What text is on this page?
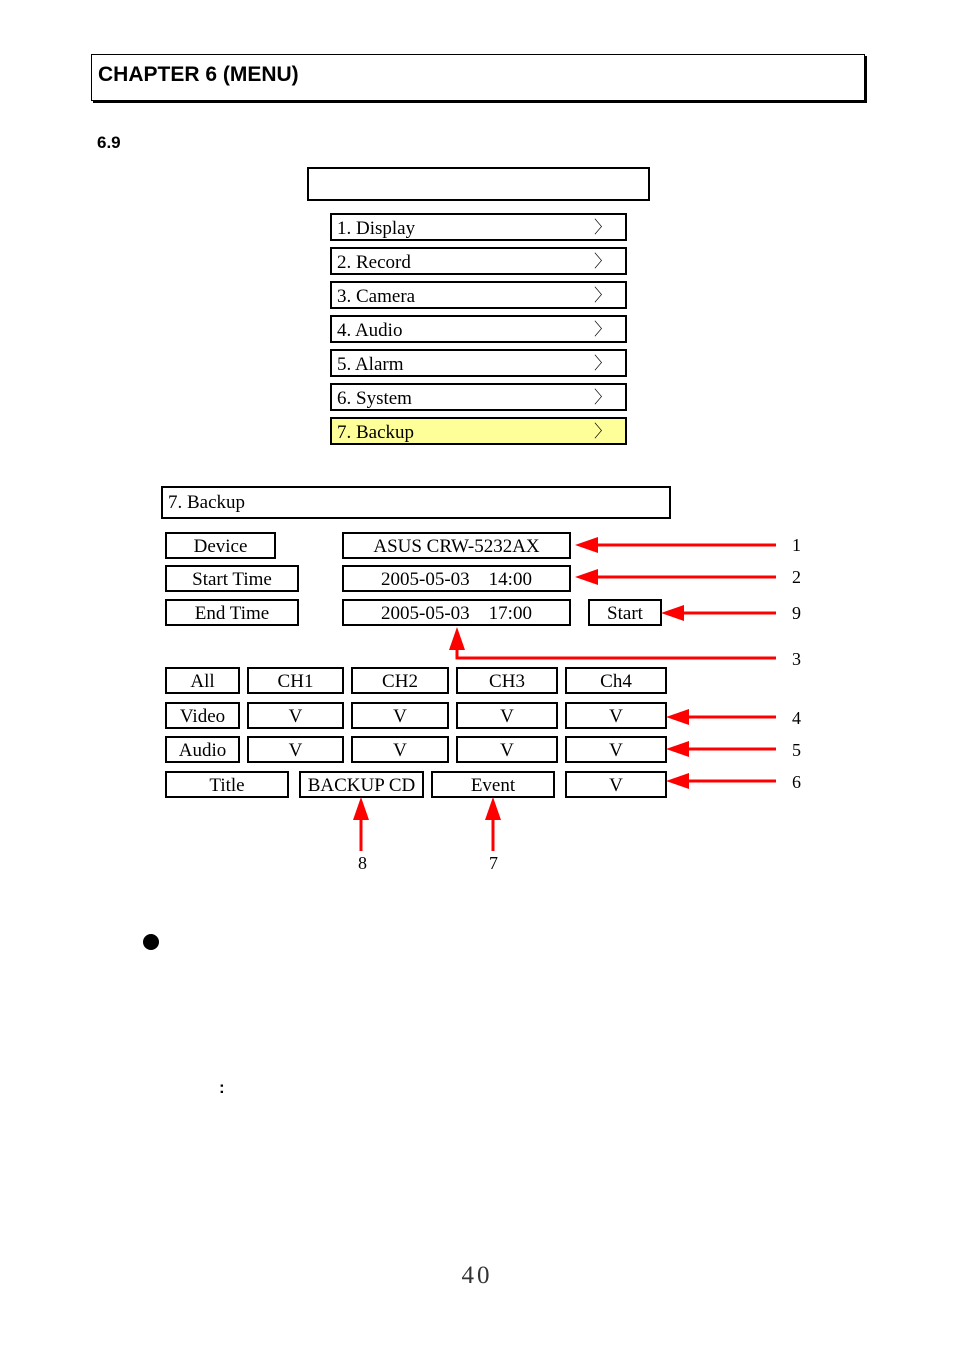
CHAPTER 6 (MENU)
6.9
1. Display	〉
2. Record	〉
3. Camera	〉
4. Audio	〉
5. Alarm	〉
6. System	〉
7. Backup	〉
7. Backup
Device	ASUS CRW-5232AX
Start Time	2005-05-03    14:00
End Time	2005-05-03    17:00	Start
All	CH1	CH2	CH3	Ch4
Video	V	V	V	V
Audio	V	V	V	V
Title	BACKUP CD	Event	V
1
2
9
3
4
5
6
8	7
:
40
